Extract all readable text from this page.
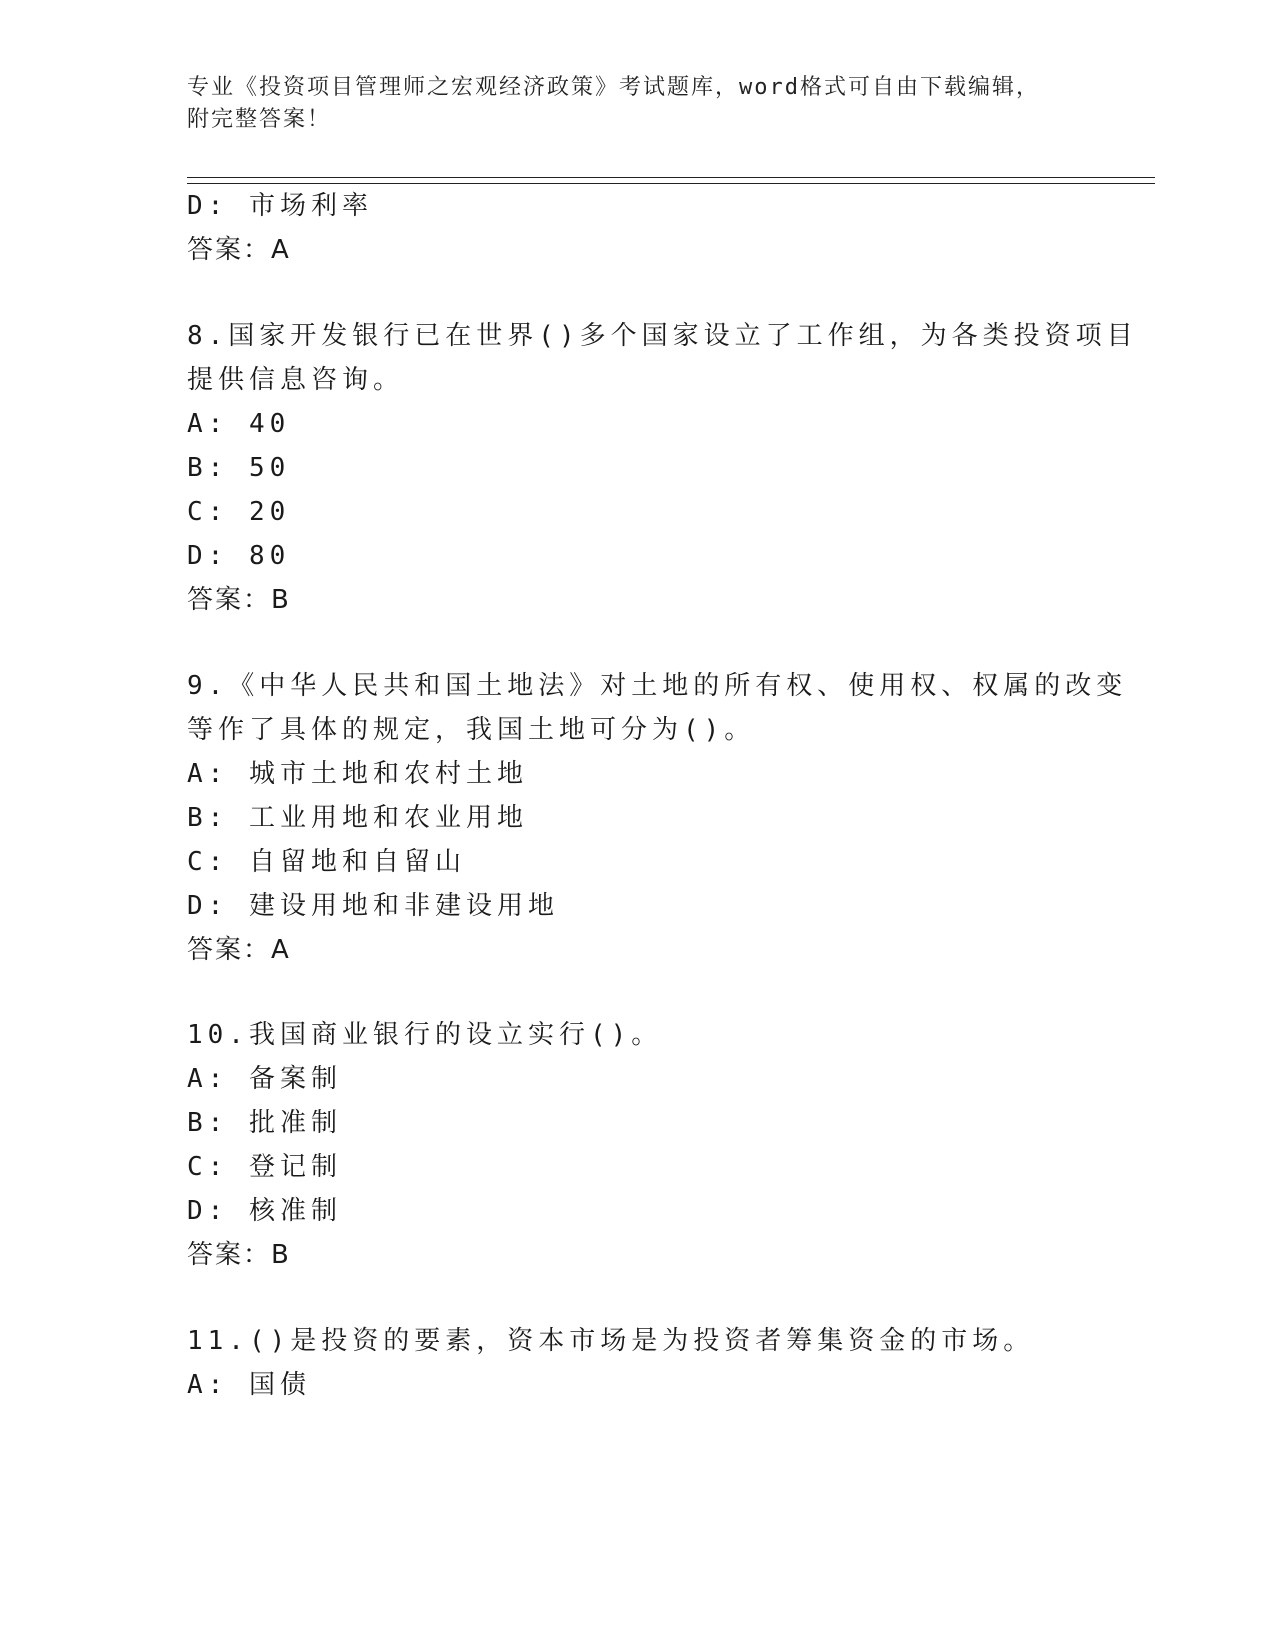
专业《投资项目管理师之宏观经济政策》考试题库，word格式可自由下载编辑，
附完整答案！
D: 市场利率
答案：A
8.国家开发银行已在世界()多个国家设立了工作组，为各类投资项目
提供信息咨询。
A: 40
B: 50
C: 20
D: 80
答案：B
9.《中华人民共和国土地法》对土地的所有权、使用权、权属的改变
等作了具体的规定，我国土地可分为()。
A: 城市土地和农村土地
B: 工业用地和农业用地
C: 自留地和自留山
D: 建设用地和非建设用地
答案：A
10.我国商业银行的设立实行()。
A: 备案制
B: 批准制
C: 登记制
D: 核准制
答案：B
11.()是投资的要素，资本市场是为投资者筹集资金的市场。
A: 国债
